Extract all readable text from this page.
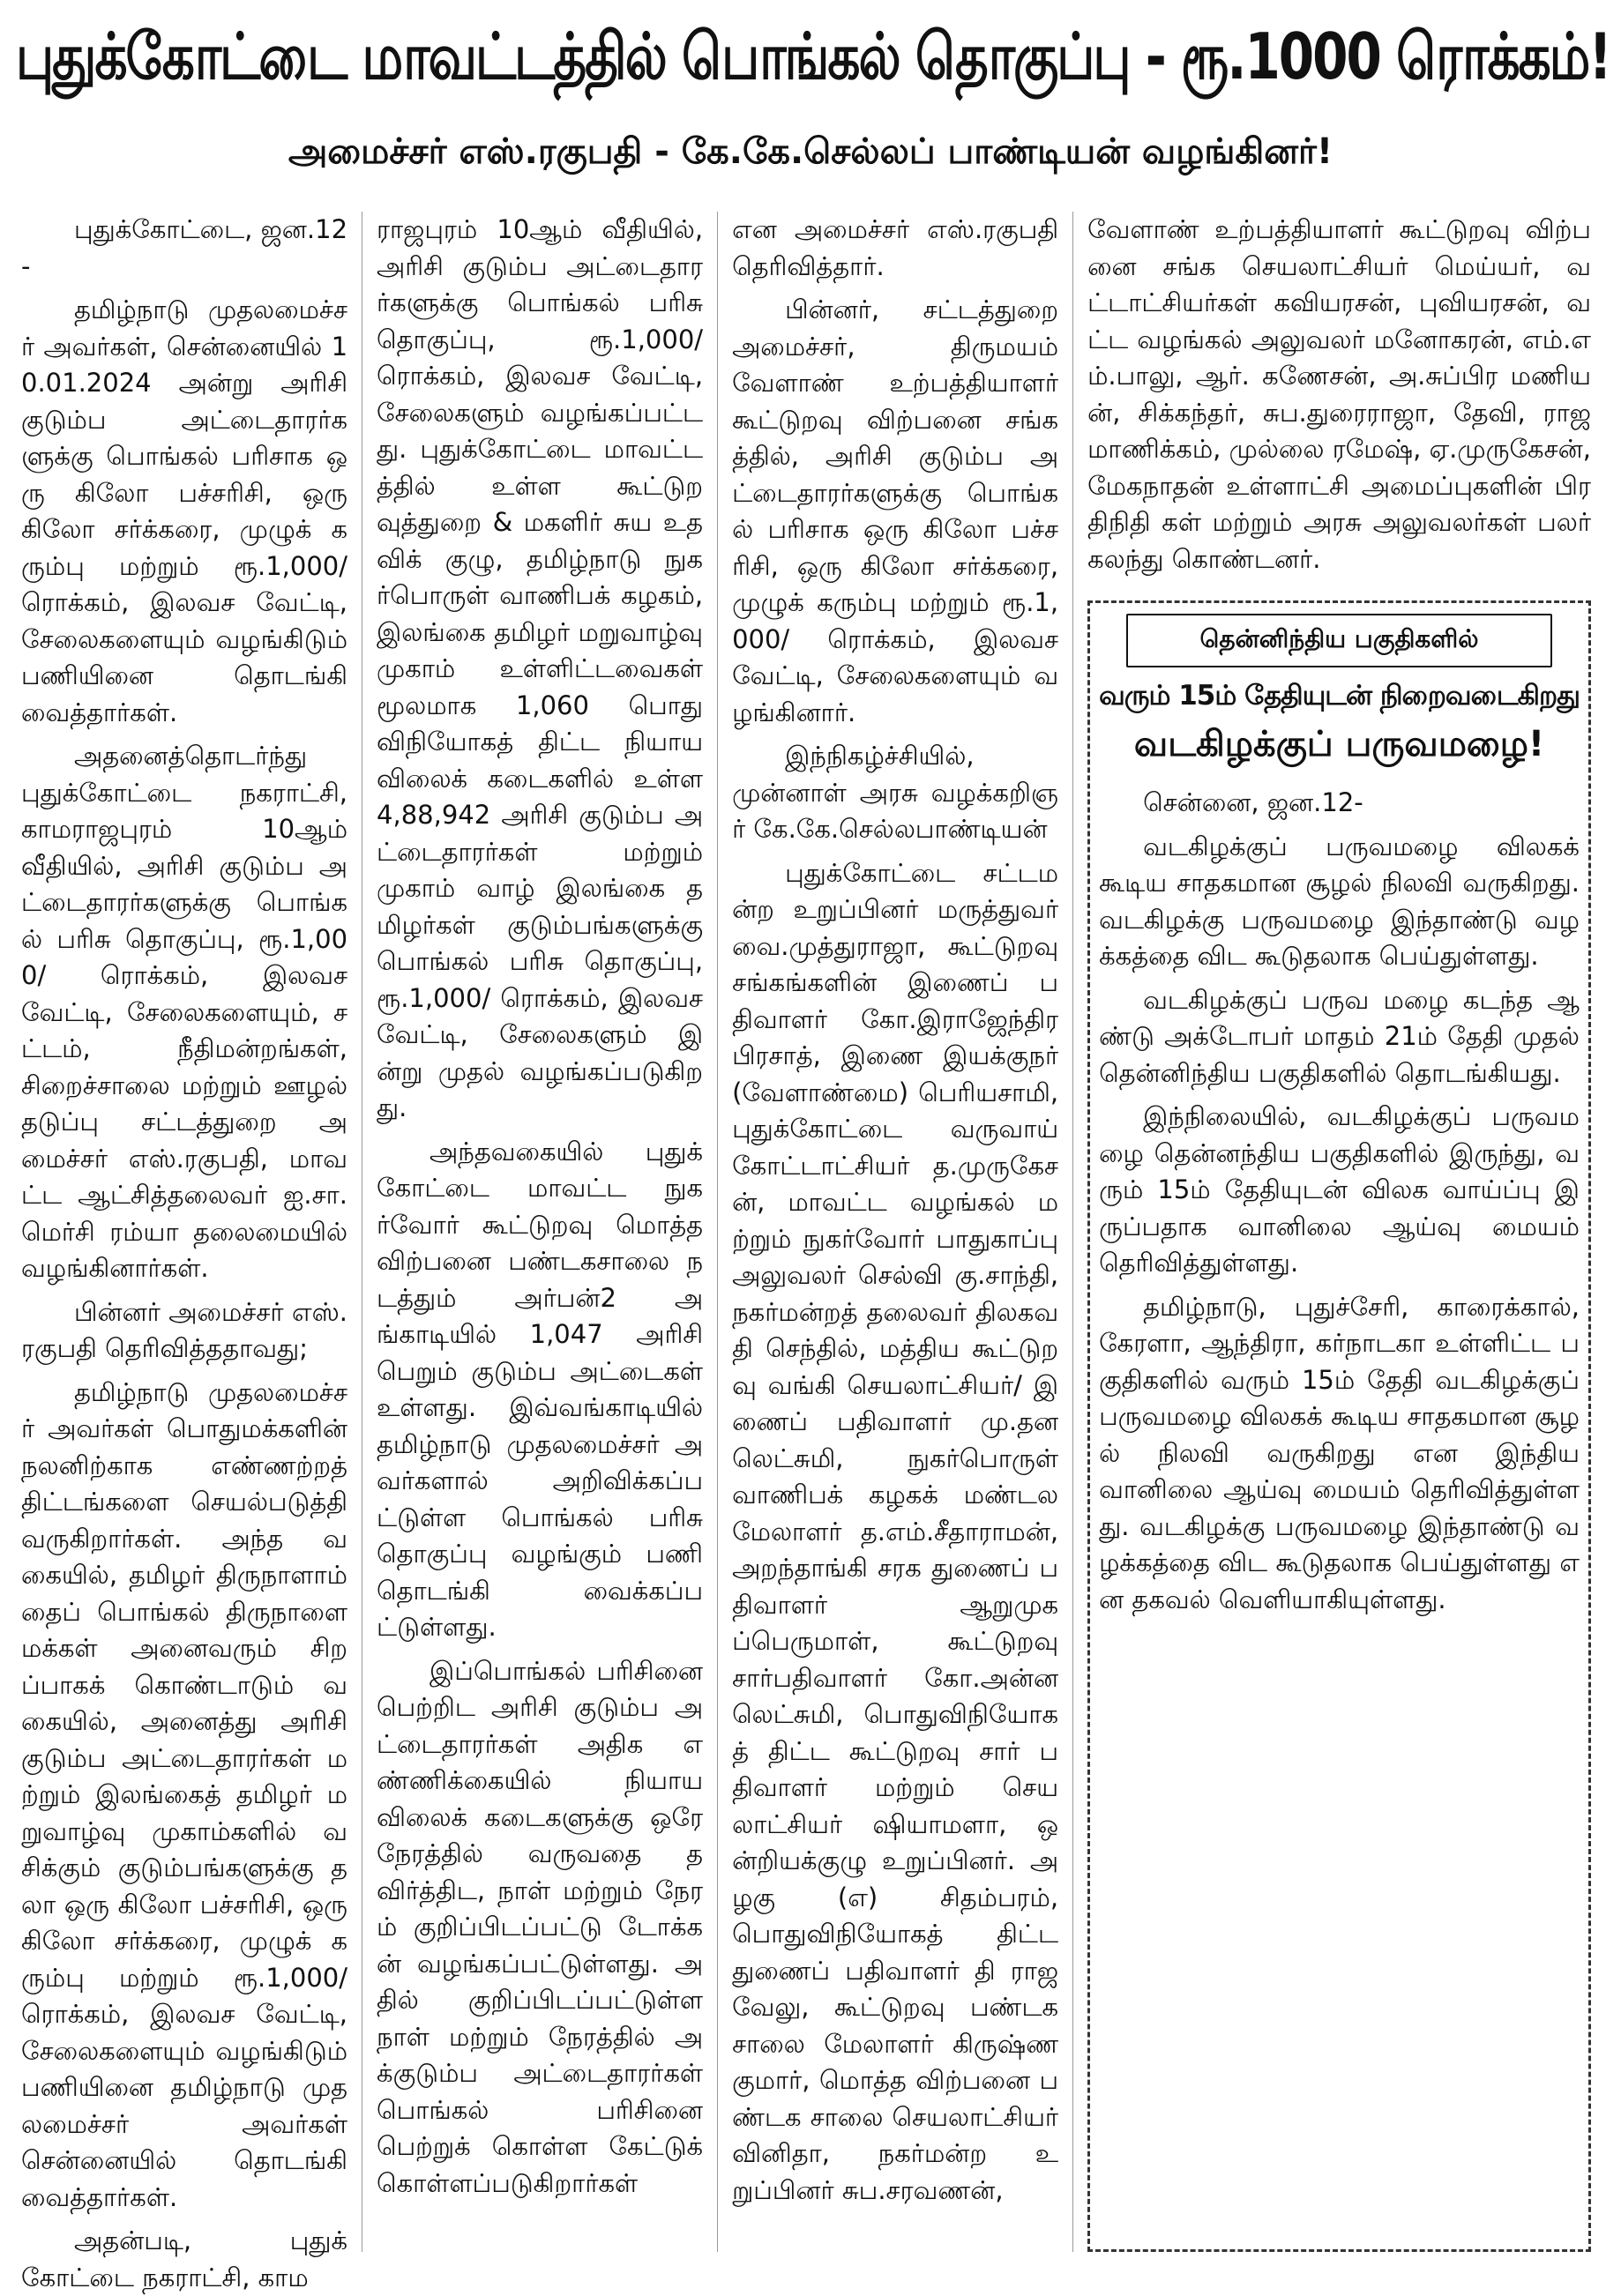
புதுக்கோட்டை மாவட்டத்தில் பொங்கல் தொகுப்பு - ரூ.1000 ரொக்கம்!
அமைச்சர் எஸ்.ரகுபதி - கே.கே.செல்லப் பாண்டியன் வழங்கினர்!

புதுக்கோட்டை, ஜன.12-

தமிழ்நாடு முதலமைச்சர் அவர்கள், சென்னையில் 10.01.2024 அன்று அரிசி குடும்ப அட்டைதாரர்களுக்கு பொங்கல் பரிசாக ஒரு கிலோ பச்சரிசி, ஒரு கிலோ சர்க்கரை, முழுக் கரும்பு மற்றும் ரூ.1,000/ ரொக்கம், இலவச வேட்டி, சேலைகளையும் வழங்கிடும் பணியினை தொடங்கி வைத்தார்கள்.

அதனைத்தொடர்ந்து புதுக்கோட்டை நகராட்சி, காமராஜபுரம் 10ஆம் வீதியில், அரிசி குடும்ப அட்டைதாரர்களுக்கு பொங்கல் பரிசு தொகுப்பு, ரூ.1,000/ ரொக்கம், இலவச வேட்டி, சேலைகளையும், சட்டம், நீதிமன்றங்கள், சிறைச்சாலை மற்றும் ஊழல் தடுப்பு சட்டத்துறை அமைச்சர் எஸ்.ரகுபதி, மாவட்ட ஆட்சித்தலைவர் ஐ.சா.மெர்சி ரம்யா தலைமையில் வழங்கினார்கள்.

பின்னர் அமைச்சர் எஸ். ரகுபதி தெரிவித்ததாவது;

தமிழ்நாடு முதலமைச்சர் அவர்கள் பொதுமக்களின் நலனிற்காக எண்ணற்றத் திட்டங்களை செயல்படுத்தி வருகிறார்கள். அந்த வகையில், தமிழர் திருநாளாம் தைப் பொங்கல் திருநாளை மக்கள் அனைவரும் சிறப்பாகக் கொண்டாடும் வகையில், அனைத்து அரிசி குடும்ப அட்டைதாரர்கள் மற்றும் இலங்கைத் தமிழர் மறுவாழ்வு முகாம்களில் வசிக்கும் குடும்பங்களுக்கு தலா ஒரு கிலோ பச்சரிசி, ஒரு கிலோ சர்க்கரை, முழுக் கரும்பு மற்றும் ரூ.1,000/ ரொக்கம், இலவச வேட்டி, சேலைகளையும் வழங்கிடும் பணியினை தமிழ்நாடு முதலமைச்சர் அவர்கள் சென்னையில் தொடங்கி வைத்தார்கள்.

அதன்படி, புதுக் கோட்டை நகராட்சி, காம

ராஜபுரம் 10ஆம் வீதியில், அரிசி குடும்ப அட்டைதாரர்களுக்கு பொங்கல் பரிசு தொகுப்பு, ரூ.1,000/ ரொக்கம், இலவச வேட்டி, சேலைகளும் வழங்கப்பட்டது. புதுக்கோட்டை மாவட்டத்தில் உள்ள கூட்டுறவுத்துறை & மகளிர் சுய உதவிக் குழு, தமிழ்நாடு நுகர்பொருள் வாணிபக் கழகம், இலங்கை தமிழர் மறுவாழ்வு முகாம் உள்ளிட்டவைகள் மூலமாக 1,060 பொது விநியோகத் திட்ட நியாய விலைக் கடைகளில் உள்ள 4,88,942 அரிசி குடும்ப அட்டைதாரர்கள் மற்றும் முகாம் வாழ் இலங்கை தமிழர்கள் குடும்பங்களுக்கு பொங்கல் பரிசு தொகுப்பு, ரூ.1,000/ ரொக்கம், இலவச வேட்டி, சேலைகளும் இன்று முதல் வழங்கப்படுகிறது.

அந்தவகையில் புதுக் கோட்டை மாவட்ட நுகர்வோர் கூட்டுறவு மொத்த விற்பனை பண்டகசாலை நடத்தும் அர்பன்2 அங்காடியில் 1,047 அரிசி பெறும் குடும்ப அட்டைகள் உள்ளது. இவ்வங்காடியில் தமிழ்நாடு முதலமைச்சர் அவர்களால் அறிவிக்கப்பட்டுள்ள பொங்கல் பரிசு தொகுப்பு வழங்கும் பணி தொடங்கி வைக்கப்பட்டுள்ளது.

இப்பொங்கல் பரிசினை பெற்றிட அரிசி குடும்ப அட்டைதாரர்கள் அதிக எண்ணிக்கையில் நியாய விலைக் கடைகளுக்கு ஒரே நேரத்தில் வருவதை தவிர்த்திட, நாள் மற்றும் நேரம் குறிப்பிடப்பட்டு டோக்கன் வழங்கப்பட்டுள்ளது. அதில் குறிப்பிடப்பட்டுள்ள நாள் மற்றும் நேரத்தில் அக்குடும்ப அட்டைதாரர்கள் பொங்கல் பரிசினை பெற்றுக் கொள்ள கேட்டுக் கொள்ளப்படுகிறார்கள்

என அமைச்சர் எஸ்.ரகுபதி தெரிவித்தார்.

பின்னர், சட்டத்துறை அமைச்சர், திருமயம் வேளாண் உற்பத்தியாளர் கூட்டுறவு விற்பனை சங்கத்தில், அரிசி குடும்ப அட்டைதாரர்களுக்கு பொங்கல் பரிசாக ஒரு கிலோ பச்சரிசி, ஒரு கிலோ சர்க்கரை, முழுக் கரும்பு மற்றும் ரூ.1,000/ ரொக்கம், இலவச வேட்டி, சேலைகளையும் வழங்கினார்.

இந்நிகழ்ச்சியில், முன்னாள் அரசு வழக்கறிஞர் கே.கே.செல்லபாண்டியன்

புதுக்கோட்டை சட்டமன்ற உறுப்பினர் மருத்துவர் வை.முத்துராஜா, கூட்டுறவு சங்கங்களின் இணைப் பதிவாளர் கோ.இராஜேந்திர பிரசாத், இணை இயக்குநர் (வேளாண்மை) பெரியசாமி, புதுக்கோட்டை வருவாய் கோட்டாட்சியர் த.முருகேசன், மாவட்ட வழங்கல் மற்றும் நுகர்வோர் பாதுகாப்பு அலுவலர் செல்வி கு.சாந்தி, நகர்மன்றத் தலைவர் திலகவதி செந்தில், மத்திய கூட்டுறவு வங்கி செயலாட்சியர்/ இணைப் பதிவாளர் மு.தனலெட்சுமி, நுகர்பொருள் வாணிபக் கழகக் மண்டல மேலாளர் த.எம்.சீதாராமன், அறந்தாங்கி சரக துணைப் பதிவாளர் ஆறுமுகப்பெருமாள், கூட்டுறவு சார்பதிவாளர் கோ.அன்னலெட்சுமி, பொதுவிநியோகத் திட்ட கூட்டுறவு சார் பதிவாளர் மற்றும் செயலாட்சியர் ஷியாமளா, ஒன்றியக்குழு உறுப்பினர். அழகு (எ) சிதம்பரம், பொதுவிநியோகத் திட்ட துணைப் பதிவாளர் தி ராஜவேலு, கூட்டுறவு பண்டகசாலை மேலாளர் கிருஷ்ணகுமார், மொத்த விற்பனை பண்டக சாலை செயலாட்சியர் வினிதா, நகர்மன்ற உறுப்பினர் சுப.சரவணன்,

வேளாண் உற்பத்தியாளர் கூட்டுறவு விற்பனை சங்க செயலாட்சியர் மெய்யர், வட்டாட்சியர்கள் கவியரசன், புவியரசன், வட்ட வழங்கல் அலுவலர் மனோகரன், எம்.எம்.பாலு, ஆர். கணேசன், அ.சுப்பிர மணியன், சிக்கந்தர், சுப.துரைராஜா, தேவி, ராஜமாணிக்கம், முல்லை ரமேஷ், ஏ.முருகேசன், மேகநாதன் உள்ளாட்சி அமைப்புகளின் பிரதிநிதி கள் மற்றும் அரசு அலுவலர்கள் பலர் கலந்து கொண்டனர்.

தென்னிந்திய பகுதிகளில்
வரும் 15ம் தேதியுடன் நிறைவடைகிறது
வடகிழக்குப் பருவமழை!

சென்னை, ஜன.12-

வடகிழக்குப் பருவமழை விலகக் கூடிய சாதகமான சூழல் நிலவி வருகிறது. வடகிழக்கு பருவமழை இந்தாண்டு வழக்கத்தை விட கூடுதலாக பெய்துள்ளது.

வடகிழக்குப் பருவ மழை கடந்த ஆண்டு அக்டோபர் மாதம் 21ம் தேதி முதல் தென்னிந்திய பகுதிகளில் தொடங்கியது.

இந்நிலையில், வடகிழக்குப் பருவமழை தென்னந்திய பகுதிகளில் இருந்து, வரும் 15ம் தேதியுடன் விலக வாய்ப்பு இருப்பதாக வானிலை ஆய்வு மையம் தெரிவித்துள்ளது.

தமிழ்நாடு, புதுச்சேரி, காரைக்கால், கேரளா, ஆந்திரா, கர்நாடகா உள்ளிட்ட பகுதிகளில் வரும் 15ம் தேதி வடகிழக்குப் பருவமழை விலகக் கூடிய சாதகமான சூழல் நிலவி வருகிறது என இந்திய வானிலை ஆய்வு மையம் தெரிவித்துள்ளது. வடகிழக்கு பருவமழை இந்தாண்டு வழக்கத்தை விட கூடுதலாக பெய்துள்ளது என தகவல் வெளியாகியுள்ளது.
